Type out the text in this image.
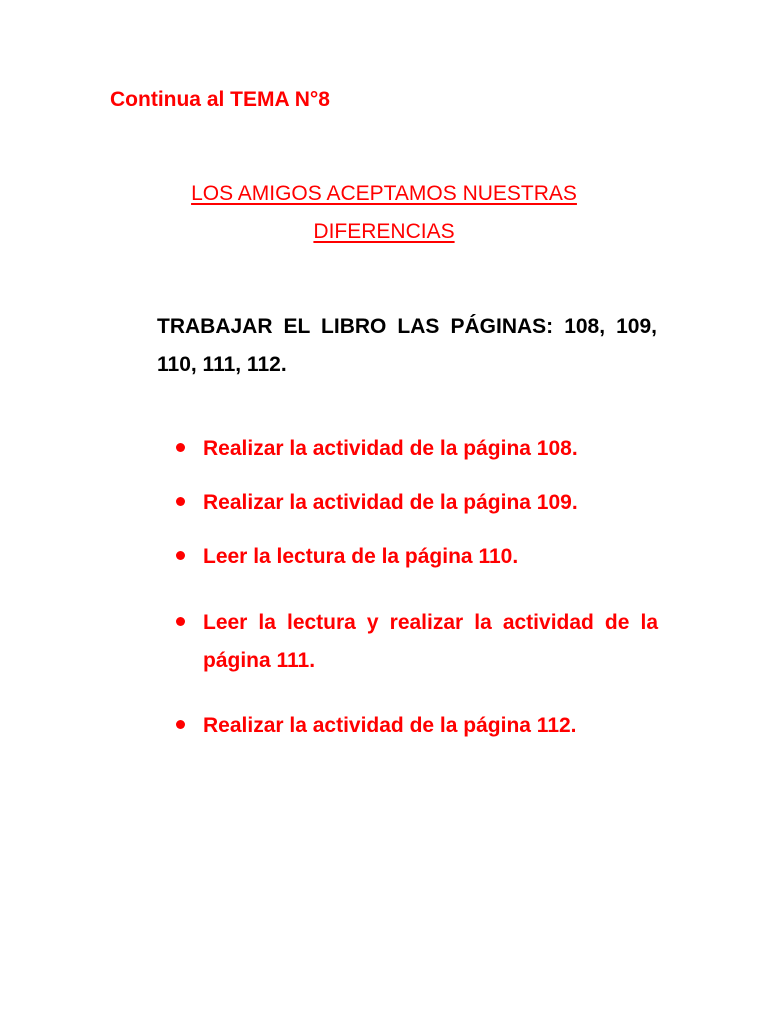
Continua al TEMA N°8
LOS AMIGOS ACEPTAMOS NUESTRAS
DIFERENCIAS
TRABAJAR EL LIBRO LAS PÁGINAS: 108, 109, 110, 111, 112.
Realizar la actividad de la página 108.
Realizar la actividad de la página 109.
Leer la lectura de la página 110.
Leer la lectura y realizar la actividad de la página 111.
Realizar la actividad de la página 112.
